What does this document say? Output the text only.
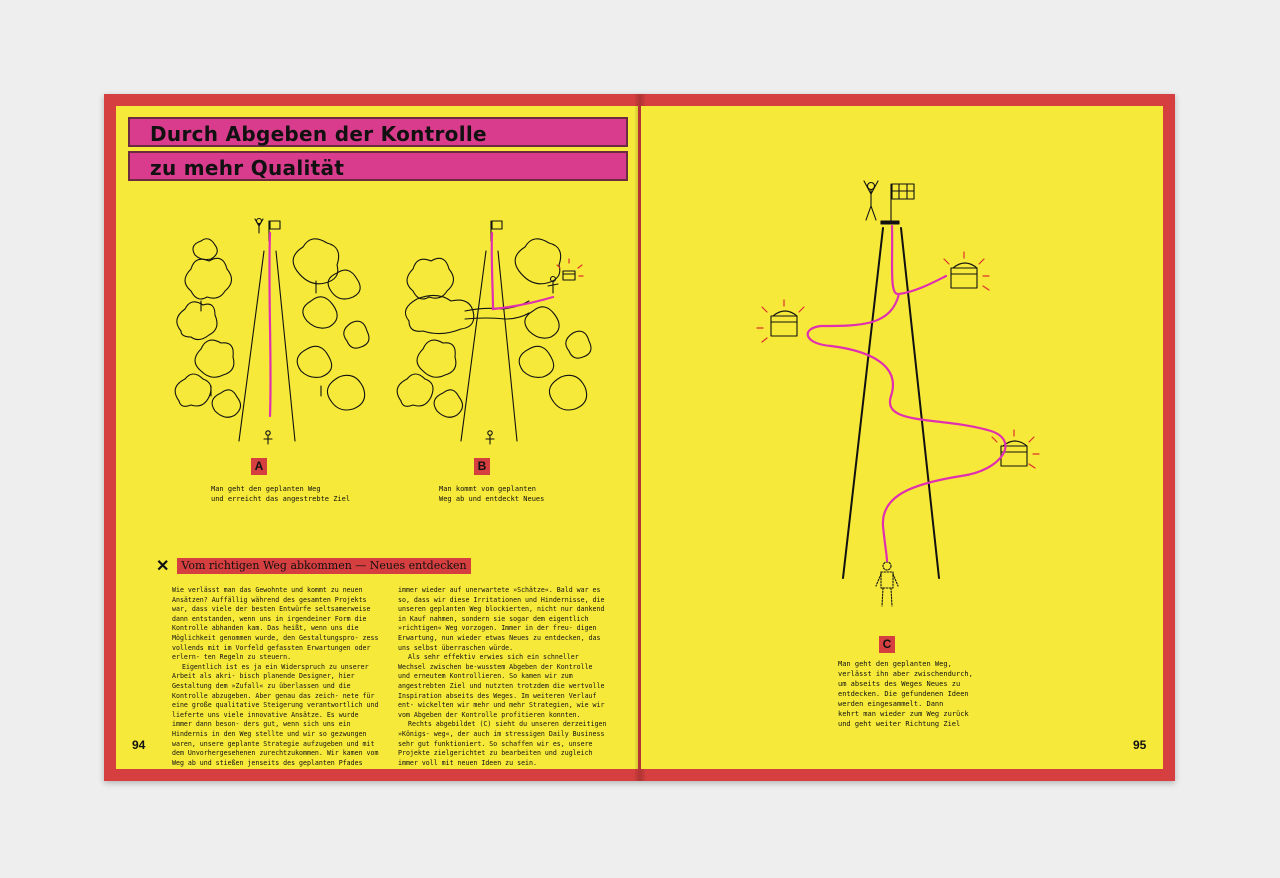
Durch Abgeben der Kontrolle
zu mehr Qualität
A
Man geht den geplanten Weg
und erreicht das angestrebte Ziel
B
Man kommt vom geplanten
Weg ab und entdeckt Neues
✕	Vom richtigen Weg abkommen — Neues entdecken

Wie verlässt man das Gewohnte und kommt zu neuen Ansätzen? Auffällig während des gesamten Projekts war, dass viele der besten Entwürfe seltsamerweise dann entstanden, wenn uns in irgendeiner Form die Kontrolle abhanden kam. Das heißt, wenn uns die Möglichkeit genommen wurde, den Gestaltungspro- zess vollends mit im Vorfeld gefassten Erwartungen oder erlern- ten Regeln zu steuern.

Eigentlich ist es ja ein Widerspruch zu unserer Arbeit als akri- bisch planende Designer, hier Gestaltung dem »Zufall« zu überlassen und die Kontrolle abzugeben. Aber genau das zeich- nete für eine große qualitative Steigerung verantwortlich und lieferte uns viele innovative Ansätze. Es wurde immer dann beson- ders gut, wenn sich uns ein Hindernis in den Weg stellte und wir so gezwungen waren, unsere geplante Strategie aufzugeben und mit dem Unvorhergesehenen zurechtzukommen. Wir kamen vom Weg ab und stießen jenseits des geplanten Pfades

immer wieder auf unerwartete »Schätze«. Bald war es so, dass wir diese Irritationen und Hindernisse, die unseren geplanten Weg blockierten, nicht nur dankend in Kauf nahmen, sondern sie sogar dem eigentlich »richtigen« Weg vorzogen. Immer in der freu- digen Erwartung, nun wieder etwas Neues zu entdecken, das uns selbst überraschen würde.

Als sehr effektiv erwies sich ein schneller Wechsel zwischen be-wusstem Abgeben der Kontrolle und erneutem Kontrollieren. So kamen wir zum angestrebten Ziel und nutzten trotzdem die wertvolle Inspiration abseits des Weges. Im weiteren Verlauf ent- wickelten wir mehr und mehr Strategien, wie wir vom Abgeben der Kontrolle profitieren konnten.

Rechts abgebildet (C) sieht du unseren derzeitigen »Königs- weg«, der auch im stressigen Daily Business sehr gut funktioniert. So schaffen wir es, unsere Projekte zielgerichtet zu bearbeiten und zugleich immer voll mit neuen Ideen zu sein.

94
C
Man geht den geplanten Weg,
verlässt ihn aber zwischendurch,
um abseits des Weges Neues zu
entdecken. Die gefundenen Ideen
werden eingesammelt. Dann
kehrt man wieder zum Weg zurück
und geht weiter Richtung Ziel
95
